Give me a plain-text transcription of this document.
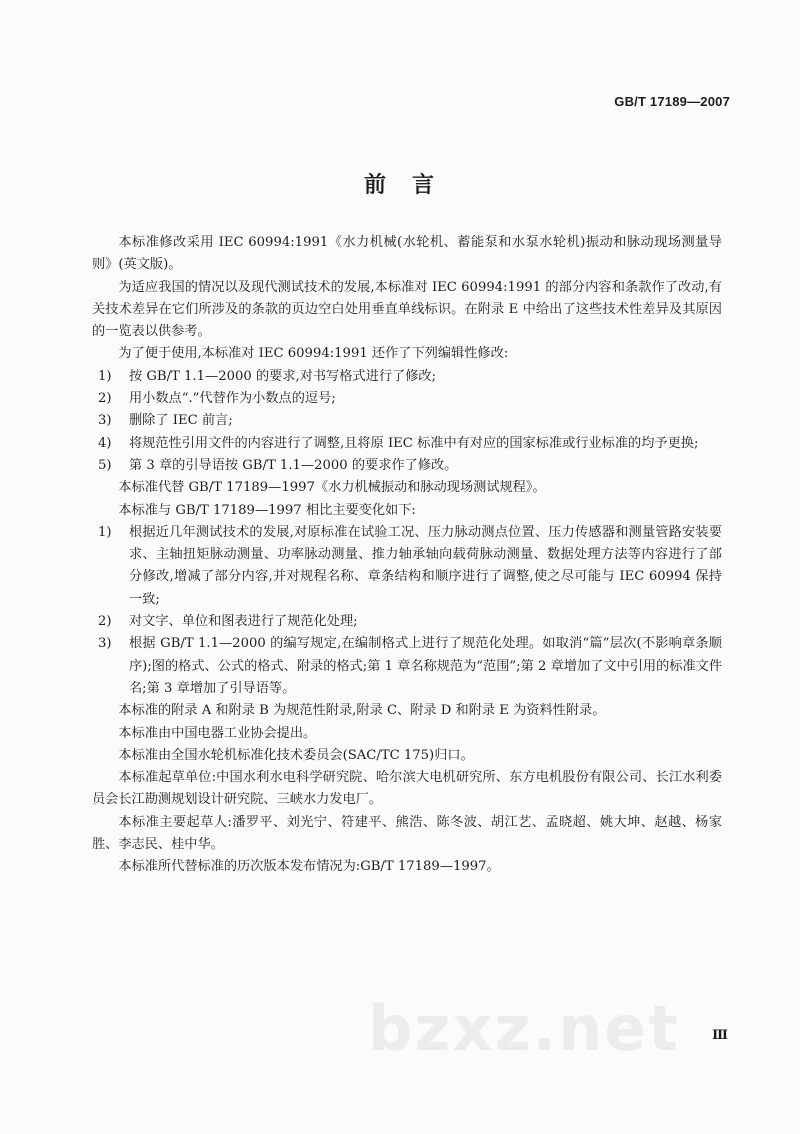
GB/T 17189—2007
前　言

本标准修改采用 IEC 60994:1991《水力机械(水轮机、蓄能泵和水泵水轮机)振动和脉动现场测量导则》(英文版)。

为适应我国的情况以及现代测试技术的发展,本标准对 IEC 60994:1991 的部分内容和条款作了改动,有关技术差异在它们所涉及的条款的页边空白处用垂直单线标识。在附录 E 中给出了这些技术性差异及其原因的一览表以供参考。

为了便于使用,本标准对 IEC 60994:1991 还作了下列编辑性修改:

1) 按 GB/T 1.1—2000 的要求,对书写格式进行了修改;

2) 用小数点“.”代替作为小数点的逗号;

3) 删除了 IEC 前言;

4) 将规范性引用文件的内容进行了调整,且将原 IEC 标准中有对应的国家标准或行业标准的均予更换;

5) 第 3 章的引导语按 GB/T 1.1—2000 的要求作了修改。

本标准代替 GB/T 17189—1997《水力机械振动和脉动现场测试规程》。

本标准与 GB/T 17189—1997 相比主要变化如下:

1) 根据近几年测试技术的发展,对原标准在试验工况、压力脉动测点位置、压力传感器和测量管路安装要求、主轴扭矩脉动测量、功率脉动测量、推力轴承轴向载荷脉动测量、数据处理方法等内容进行了部分修改,增减了部分内容,并对规程名称、章条结构和顺序进行了调整,使之尽可能与 IEC 60994 保持一致;

2) 对文字、单位和图表进行了规范化处理;

3) 根据 GB/T 1.1—2000 的编写规定,在编制格式上进行了规范化处理。如取消“篇”层次(不影响章条顺序);图的格式、公式的格式、附录的格式;第 1 章名称规范为“范围”;第 2 章增加了文中引用的标准文件名;第 3 章增加了引导语等。

本标准的附录 A 和附录 B 为规范性附录,附录 C、附录 D 和附录 E 为资料性附录。

本标准由中国电器工业协会提出。

本标准由全国水轮机标准化技术委员会(SAC/TC 175)归口。

本标准起草单位:中国水利水电科学研究院、哈尔滨大电机研究所、东方电机股份有限公司、长江水利委员会长江勘测规划设计研究院、三峡水力发电厂。

本标准主要起草人:潘罗平、刘光宁、符建平、熊浩、陈冬波、胡江艺、孟晓超、姚大坤、赵越、杨家胜、李志民、桂中华。

本标准所代替标准的历次版本发布情况为:GB/T 17189—1997。

bzxz.net Ⅲ
